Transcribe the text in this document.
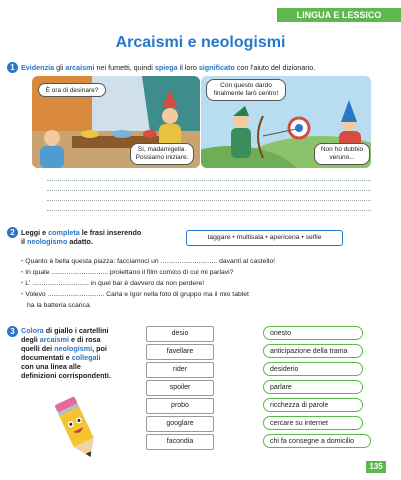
LINGUA E LESSICO
Arcaismi e neologismi
1 Evidenzia gli arcaismi nei fumetti, quindi spiega il loro significato con l'aiuto del dizionario.
È ora di desinare?
Sì, madamigella. Possiamo iniziare.
Con questo dardo finalmente farò centro!
Non ho dubbio veruno...
2 Leggi e completa le frasi inserendo
il neologismo adatto.	taggare • multisala • apericena • selfie
• Quanto è bella questa piazza: facciamoci un .............................. davanti al castello!
• In quale .............................. proiettano il film comico di cui mi parlavi?
• L' .............................. in quel bar è davvero da non perdere!
• Volevo .............................. Carla e Igor nella foto di gruppo ma il mio tablet
ha la batteria scarica.
3 Colora di giallo i cartellini
degli arcaismi e di rosa
quelli dei neologismi, poi
documentati e collegali
con una linea alle
definizioni corrispondenti.
desio
favellare
rider
spoiler
probo
googlare
facondia
onesto
anticipazione della trama
desiderio
parlare
ricchezza di parole
cercare su internet
chi fa consegne a domicilio
135
